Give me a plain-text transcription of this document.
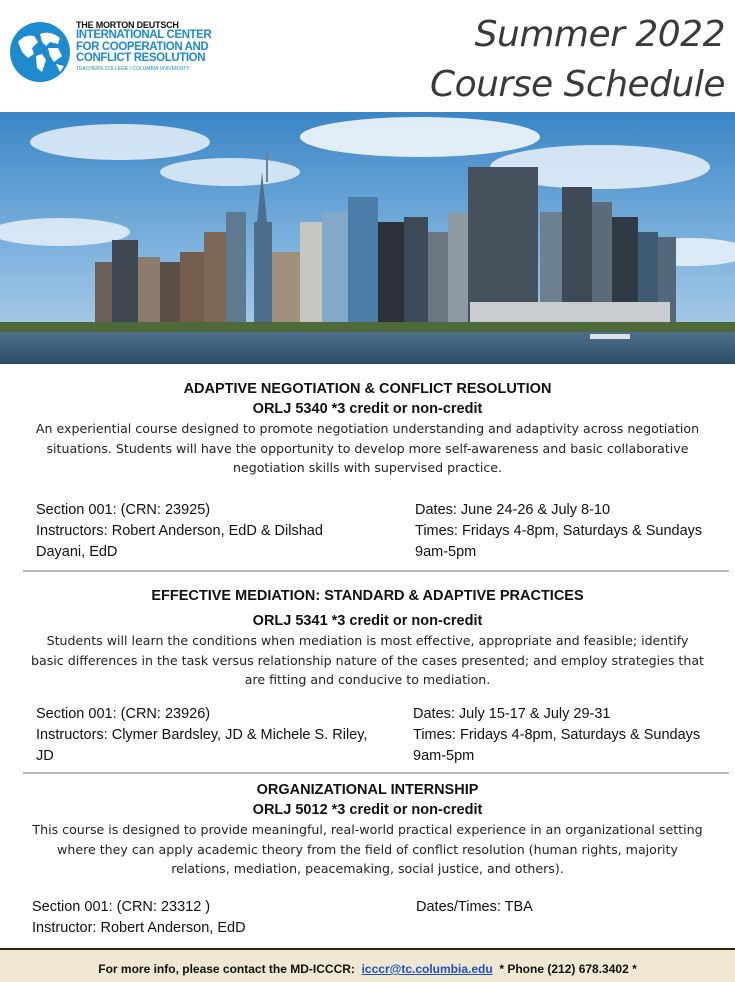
THE MORTON DEUTSCH
INTERNATIONAL CENTER
FOR COOPERATION AND
CONFLICT RESOLUTION
TEACHERS COLLEGE / COLUMBIA UNIVERSITY
Summer 2022
Course Schedule
ADAPTIVE NEGOTIATION & CONFLICT RESOLUTION
ORLJ 5340 *3 credit or non-credit
An experiential course designed to promote negotiation understanding and adaptivity across negotiation situations. Students will have the opportunity to develop more self-awareness and basic collaborative negotiation skills with supervised practice.
Section 001: (CRN: 23925)
Instructors: Robert Anderson, EdD & Dilshad Dayani, EdD
Dates: June 24-26 & July 8-10
Times: Fridays 4-8pm, Saturdays & Sundays 9am-5pm
EFFECTIVE MEDIATION: STANDARD & ADAPTIVE PRACTICES
ORLJ 5341 *3 credit or non-credit
Students will learn the conditions when mediation is most effective, appropriate and feasible; identify basic differences in the task versus relationship nature of the cases presented; and employ strategies that are fitting and conducive to mediation.
Section 001: (CRN: 23926)
Instructors: Clymer Bardsley, JD & Michele S. Riley, JD
Dates: July 15-17 & July 29-31
Times: Fridays 4-8pm, Saturdays & Sundays 9am-5pm
ORGANIZATIONAL INTERNSHIP
ORLJ 5012 *3 credit or non-credit
This course is designed to provide meaningful, real-world practical experience in an organizational setting where they can apply academic theory from the field of conflict resolution (human rights, majority relations, mediation, peacemaking, social justice, and others).
Section 001: (CRN: 23312 )
Instructor: Robert Anderson, EdD
Dates/Times: TBA
For more info, please contact the MD-ICCCR: icccr@tc.columbia.edu * Phone (212) 678.3402 *
